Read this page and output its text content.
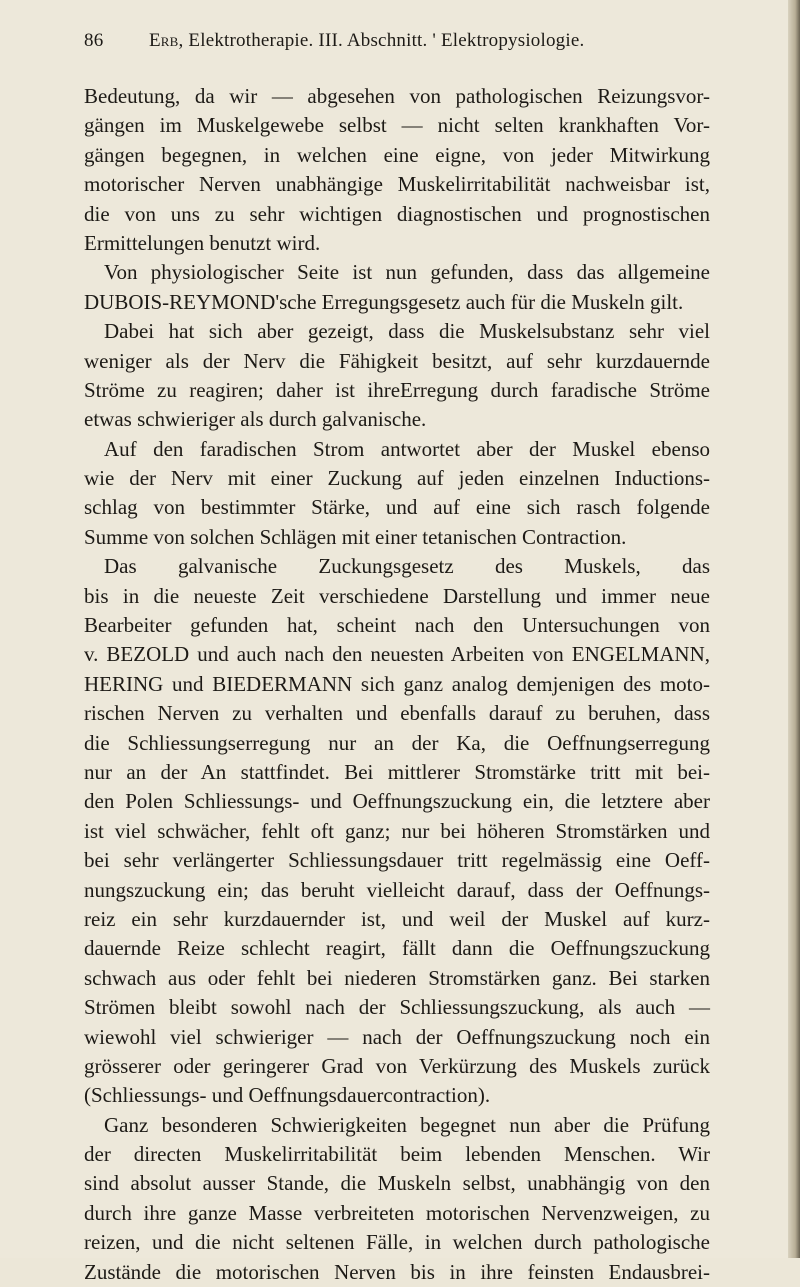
86 Erb, Elektrotherapie. III. Abschnitt. ' Elektropysiologie.
Bedeutung, da wir — abgesehen von pathologischen Reizungsvor-
gängen im Muskelgewebe selbst — nicht selten krankhaften Vor-
gängen begegnen, in welchen eine eigne, von jeder Mitwirkung
motorischer Nerven unabhängige Muskelirritabilität nachweisbar ist,
die von uns zu sehr wichtigen diagnostischen und prognostischen
Ermittelungen benutzt wird.
Von physiologischer Seite ist nun gefunden, dass das allgemeine
DUBOIS-REYMOND'sche Erregungsgesetz auch für die Muskeln gilt.
Dabei hat sich aber gezeigt, dass die Muskelsubstanz sehr viel
weniger als der Nerv die Fähigkeit besitzt, auf sehr kurzdauernde
Ströme zu reagiren; daher ist ihreErregung durch faradische Ströme
etwas schwieriger als durch galvanische.
Auf den faradischen Strom antwortet aber der Muskel ebenso
wie der Nerv mit einer Zuckung auf jeden einzelnen Inductions-
schlag von bestimmter Stärke, und auf eine sich rasch folgende
Summe von solchen Schlägen mit einer tetanischen Contraction.
Das galvanische Zuckungsgesetz des Muskels, das
bis in die neueste Zeit verschiedene Darstellung und immer neue
Bearbeiter gefunden hat, scheint nach den Untersuchungen von
v. BEZOLD und auch nach den neuesten Arbeiten von ENGELMANN,
HERING und BIEDERMANN sich ganz analog demjenigen des moto-
rischen Nerven zu verhalten und ebenfalls darauf zu beruhen, dass
die Schliessungserregung nur an der Ka, die Oeffnungserregung
nur an der An stattfindet. Bei mittlerer Stromstärke tritt mit bei-
den Polen Schliessungs- und Oeffnungszuckung ein, die letztere aber
ist viel schwächer, fehlt oft ganz; nur bei höheren Stromstärken und
bei sehr verlängerter Schliessungsdauer tritt regelmässig eine Oeff-
nungszuckung ein; das beruht vielleicht darauf, dass der Oeffnungs-
reiz ein sehr kurzdauernder ist, und weil der Muskel auf kurz-
dauernde Reize schlecht reagirt, fällt dann die Oeffnungszuckung
schwach aus oder fehlt bei niederen Stromstärken ganz. Bei starken
Strömen bleibt sowohl nach der Schliessungszuckung, als auch —
wiewohl viel schwieriger — nach der Oeffnungszuckung noch ein
grösserer oder geringerer Grad von Verkürzung des Muskels zurück
(Schliessungs- und Oeffnungsdauercontraction).
Ganz besonderen Schwierigkeiten begegnet nun aber die Prüfung
der directen Muskelirritabilität beim lebenden Menschen. Wir
sind absolut ausser Stande, die Muskeln selbst, unabhängig von den
durch ihre ganze Masse verbreiteten motorischen Nervenzweigen, zu
reizen, und die nicht seltenen Fälle, in welchen durch pathologische
Zustände die motorischen Nerven bis in ihre feinsten Endausbrei-
